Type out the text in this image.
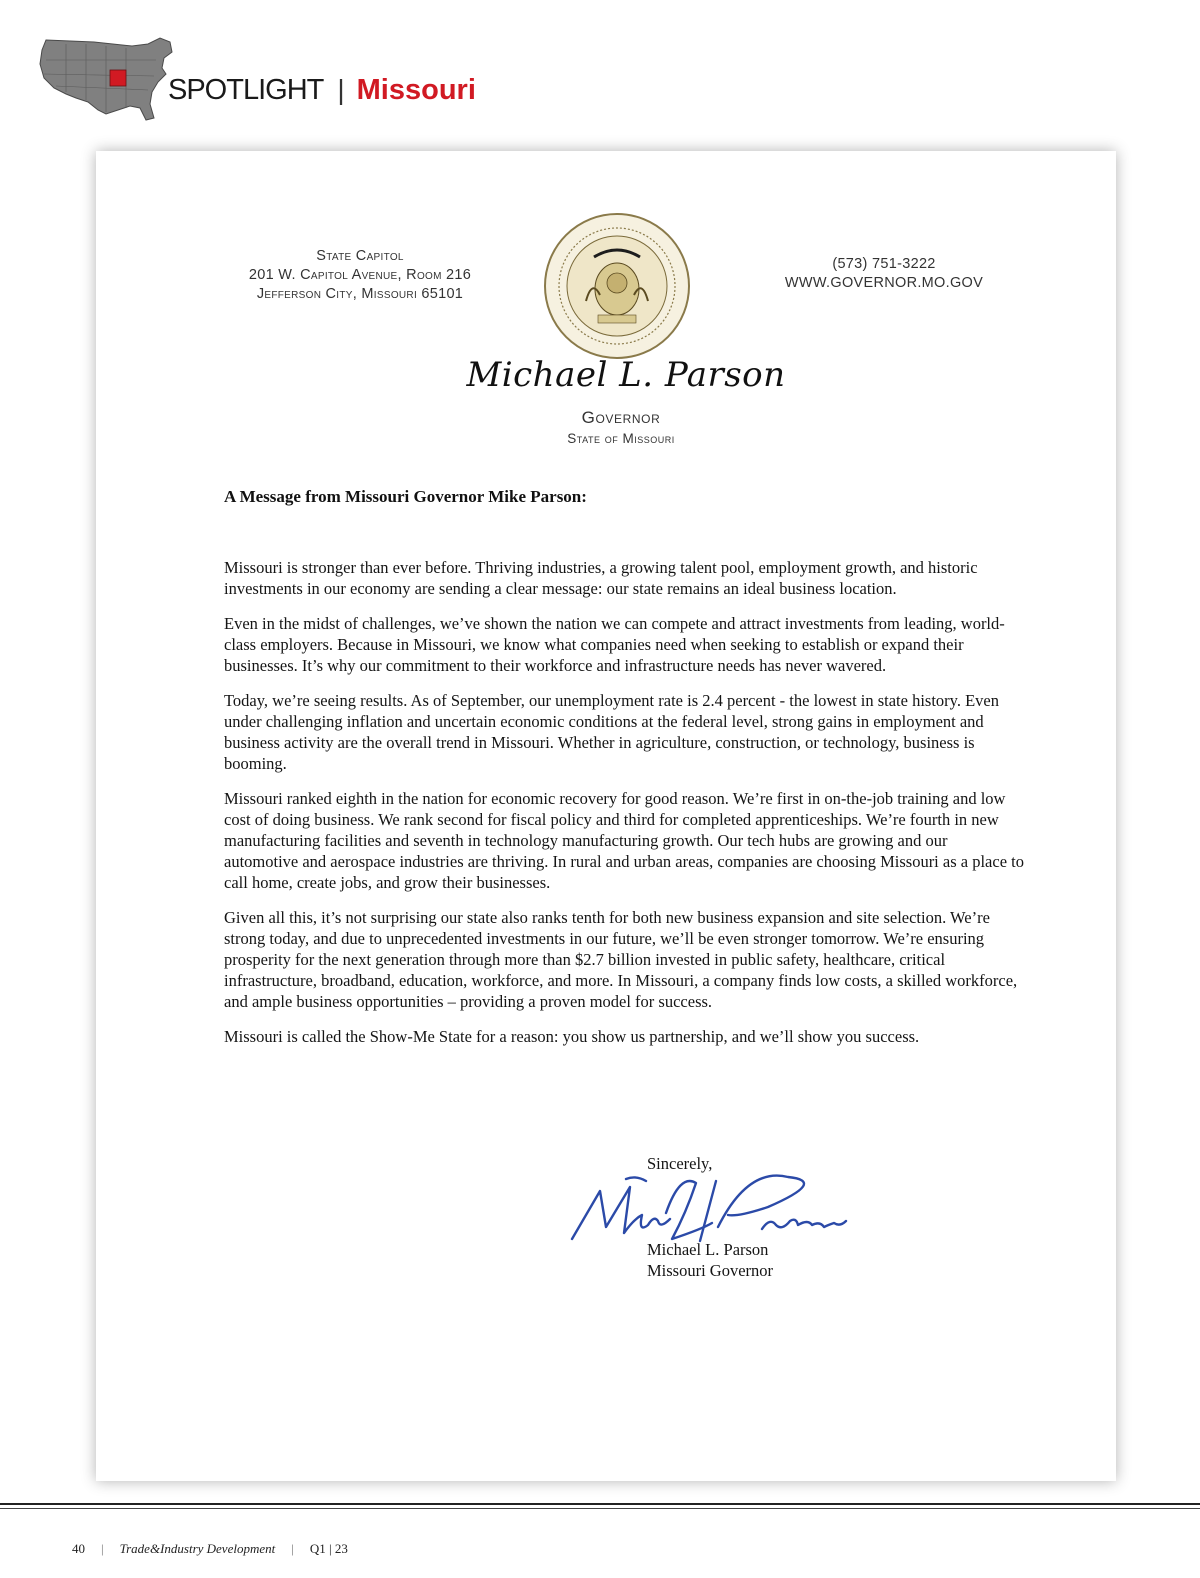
SPOTLIGHT | Missouri
State Capitol
201 W. Capitol Avenue, Room 216
Jefferson City, Missouri 65101
(573) 751-3222
WWW.GOVERNOR.MO.GOV
Michael L. Parson
Governor
State of Missouri
A Message from Missouri Governor Mike Parson:

Missouri is stronger than ever before. Thriving industries, a growing talent pool, employment growth, and historic investments in our economy are sending a clear message: our state remains an ideal business location.

Even in the midst of challenges, we’ve shown the nation we can compete and attract investments from leading, world-class employers. Because in Missouri, we know what companies need when seeking to establish or expand their businesses. It’s why our commitment to their workforce and infrastructure needs has never wavered.

Today, we’re seeing results. As of September, our unemployment rate is 2.4 percent - the lowest in state history. Even under challenging inflation and uncertain economic conditions at the federal level, strong gains in employment and business activity are the overall trend in Missouri. Whether in agriculture, construction, or technology, business is booming.

Missouri ranked eighth in the nation for economic recovery for good reason. We’re first in on-the-job training and low cost of doing business. We rank second for fiscal policy and third for completed apprenticeships. We’re fourth in new manufacturing facilities and seventh in technology manufacturing growth. Our tech hubs are growing and our automotive and aerospace industries are thriving. In rural and urban areas, companies are choosing Missouri as a place to call home, create jobs, and grow their businesses.

Given all this, it’s not surprising our state also ranks tenth for both new business expansion and site selection. We’re strong today, and due to unprecedented investments in our future, we’ll be even stronger tomorrow. We’re ensuring prosperity for the next generation through more than $2.7 billion invested in public safety, healthcare, critical infrastructure, broadband, education, workforce, and more. In Missouri, a company finds low costs, a skilled workforce, and ample business opportunities – providing a proven model for success.

Missouri is called the Show-Me State for a reason: you show us partnership, and we’ll show you success.

Sincerely,
Michael L. Parson
Missouri Governor
40 | Trade&Industry Development | Q1 | 23
